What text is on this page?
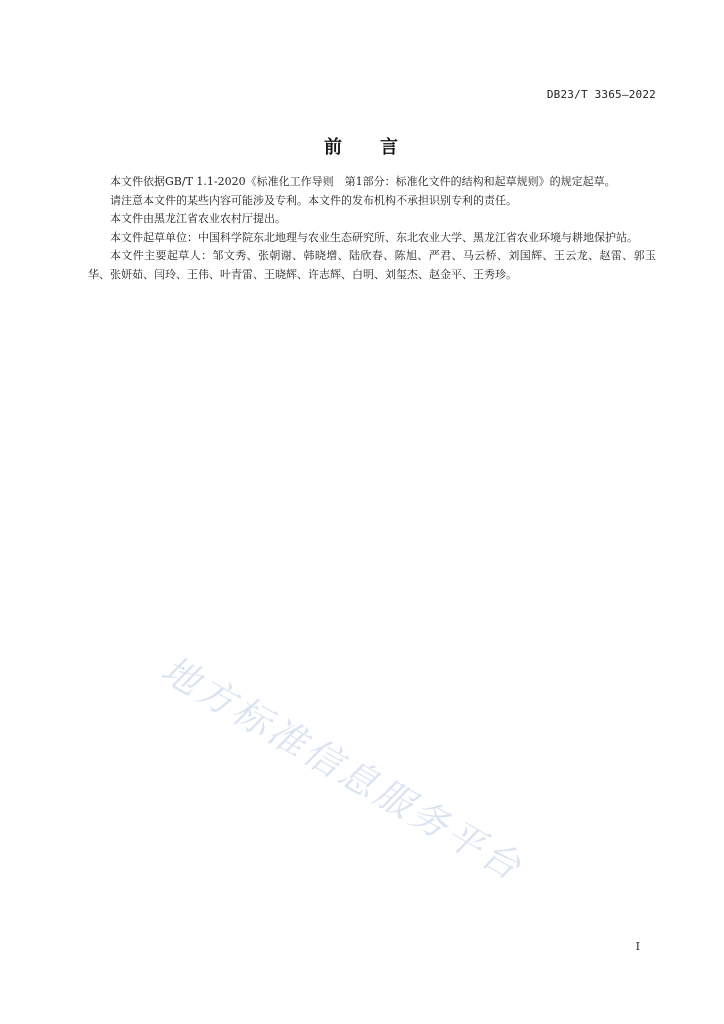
DB23/T 3365—2022
前 言

本文件依据GB/T 1.1-2020《标准化工作导则　第1部分：标准化文件的结构和起草规则》的规定起草。

请注意本文件的某些内容可能涉及专利。本文件的发布机构不承担识别专利的责任。

本文件由黑龙江省农业农村厅提出。

本文件起草单位：中国科学院东北地理与农业生态研究所、东北农业大学、黑龙江省农业环境与耕地保护站。

本文件主要起草人：邹文秀、张朝谢、韩晓增、陆欣春、陈旭、严君、马云桥、刘国辉、王云龙、赵雷、郭玉华、张妍茹、闫玲、王伟、叶青雷、王晓辉、许志辉、白明、刘玺杰、赵金平、王秀珍。

地方标准信息服务平台
I
